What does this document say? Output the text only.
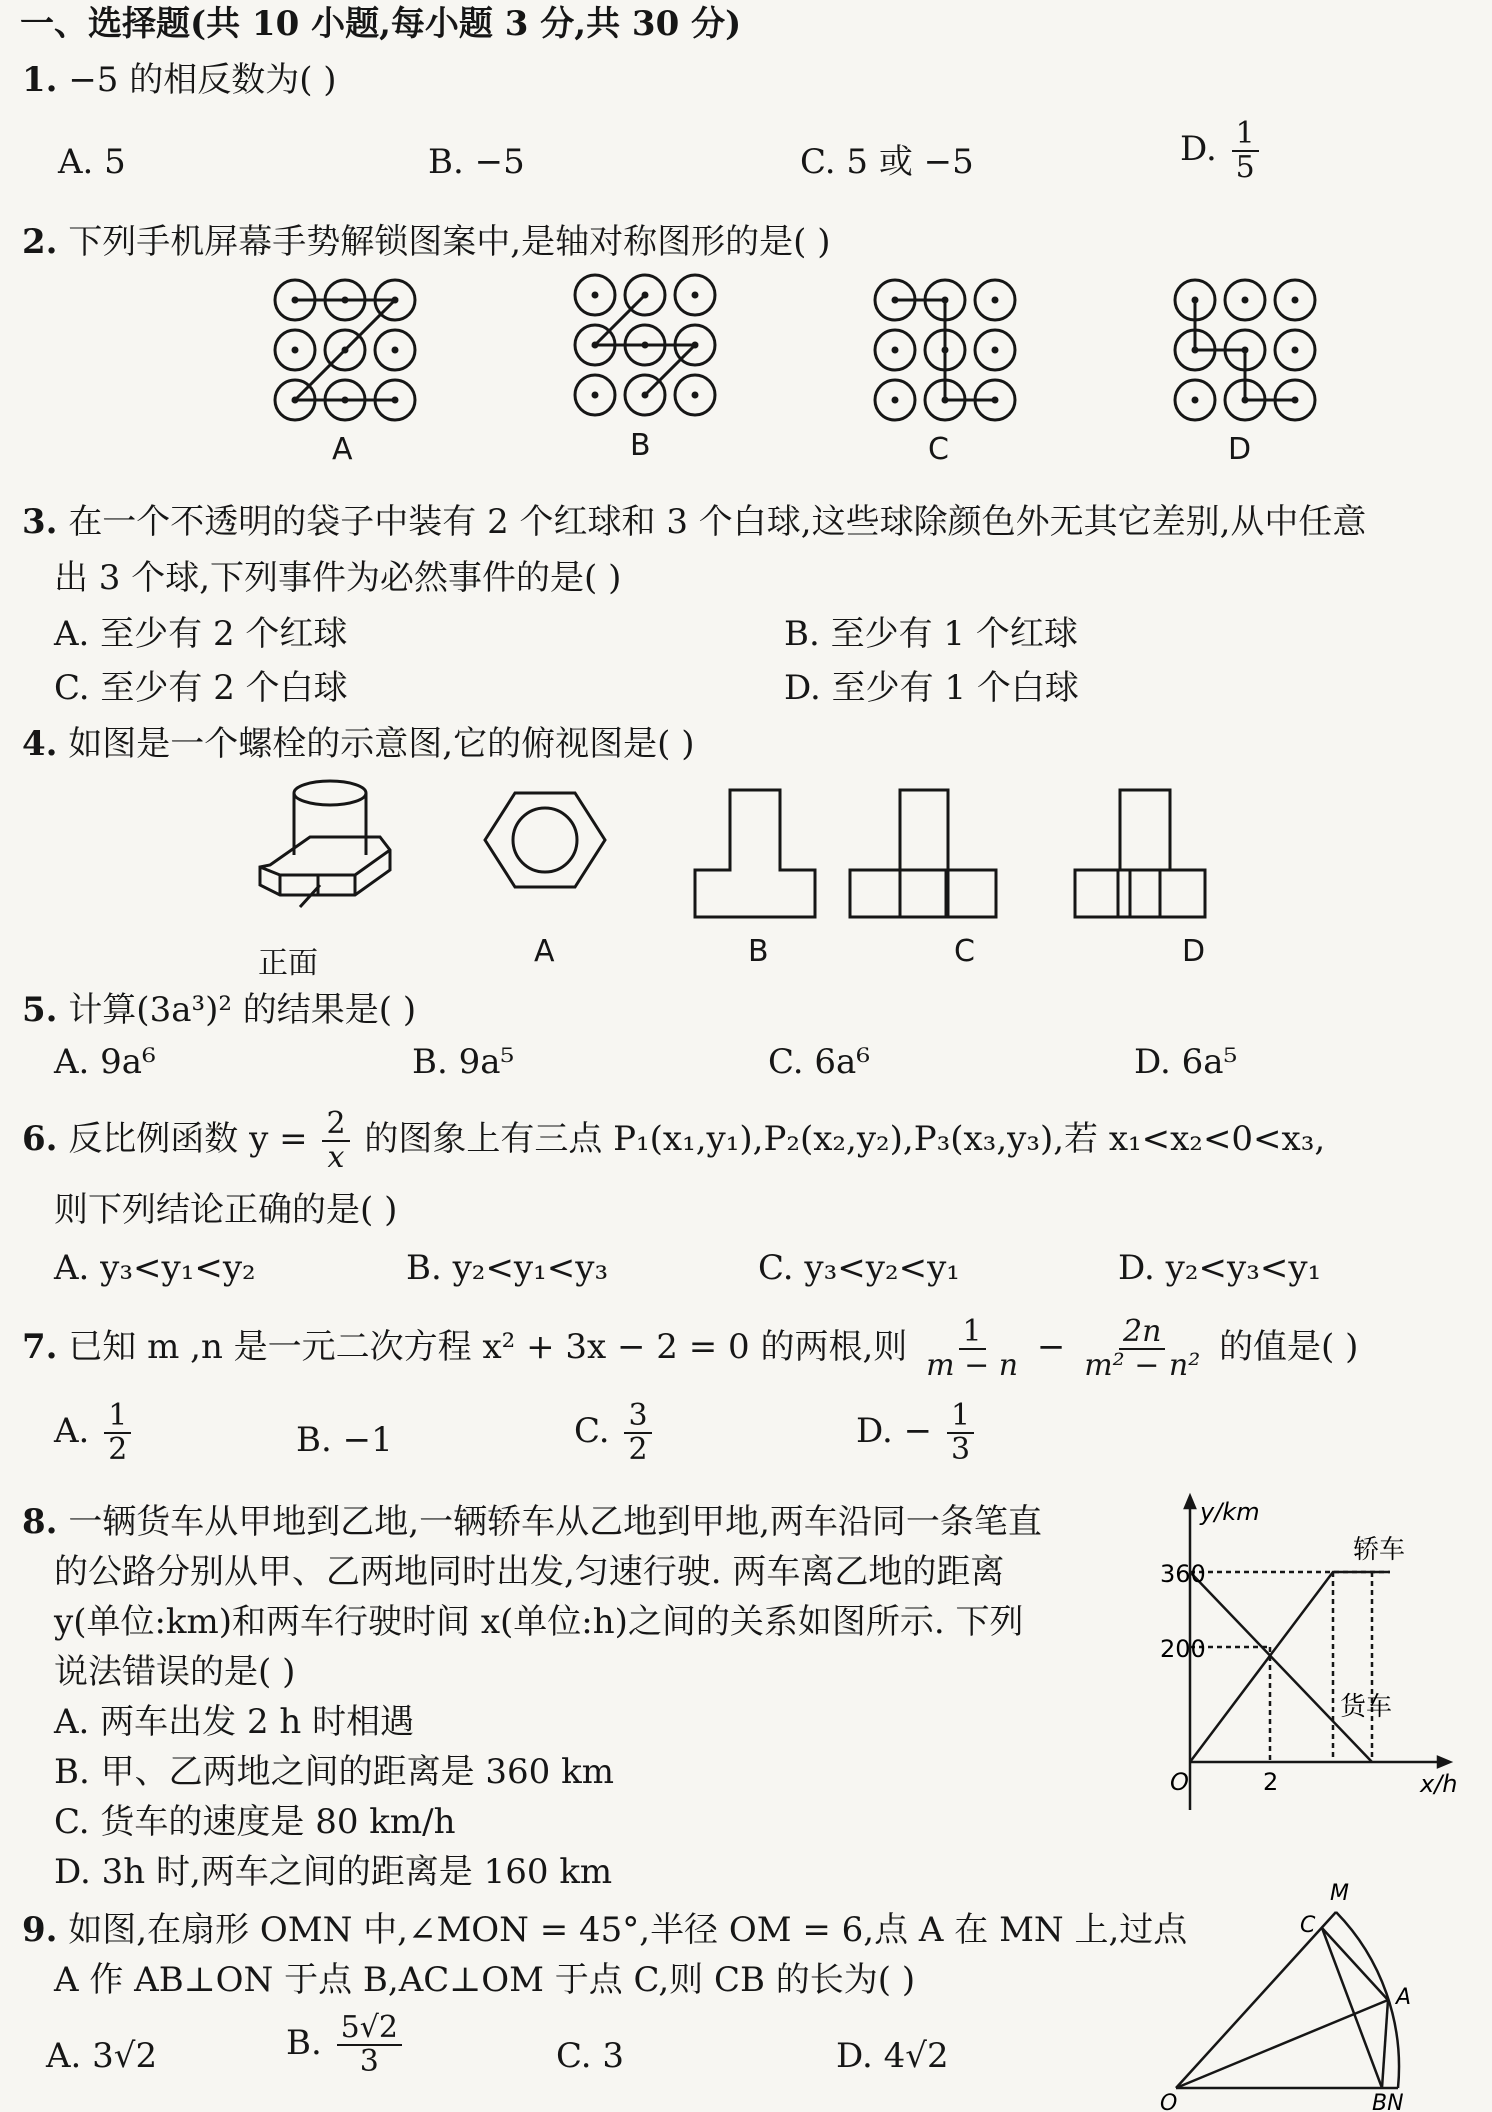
一、选择题(共 10 小题,每小题 3 分,共 30 分)
1. −5 的相反数为( )
A. 5	B. −5	C. 5 或 −5	D. $\frac{1}{5}$
2. 下列手机屏幕手势解锁图案中,是轴对称图形的是( )
A	B	C	D
3. 在一个不透明的袋子中装有 2 个红球和 3 个白球,这些球除颜色外无其它差别,从中任意
出 3 个球,下列事件为必然事件的是( )
A. 至少有 2 个红球	B. 至少有 1 个红球
C. 至少有 2 个白球	D. 至少有 1 个白球
4. 如图是一个螺栓的示意图,它的俯视图是( )
正面	A	B	C	D
5. 计算(3a³)² 的结果是( )
A. 9a⁶	B. 9a⁵	C. 6a⁶	D. 6a⁵
6. 反比例函数 $y = \frac{2}{x}$ 的图象上有三点 P₁(x₁,y₁),P₂(x₂,y₂),P₃(x₃,y₃),若 x₁<x₂<0<x₃,
则下列结论正确的是( )
A. y₃<y₁<y₂	B. y₂<y₁<y₃	C. y₃<y₂<y₁	D. y₂<y₃<y₁
7. 已知 m ,n 是一元二次方程 x² + 3x − 2 = 0 的两根,则 $\frac{1}{m - n} - \frac{2n}{\text{m² − n²}}$ 的值是( )
A. $\frac{1}{2}$	B. −1	C. $\frac{3}{2}$	D. − $\frac{1}{3}$
8. 一辆货车从甲地到乙地,一辆轿车从乙地到甲地,两车沿同一条笔直
的公路分别从甲、乙两地同时出发,匀速行驶. 两车离乙地的距离
y(单位:km)和两车行驶时间 x(单位:h)之间的关系如图所示. 下列
说法错误的是( )
A. 两车出发 2 h 时相遇
B. 甲、乙两地之间的距离是 360 km
C. 货车的速度是 80 km/h
D. 3h 时,两车之间的距离是 160 km
y/km
x/h
360
200
O	2
轿车
货车
9. 如图,在扇形 OMN 中,∠MON = 45°,半径 OM = 6,点 A 在 MN 上,过点
A 作 AB⊥ON 于点 B,AC⊥OM 于点 C,则 CB 的长为( )
A. 3√2	B. $\frac{5√2}{3}$	C. 3	D. 4√2
M
C
A
O	BN
